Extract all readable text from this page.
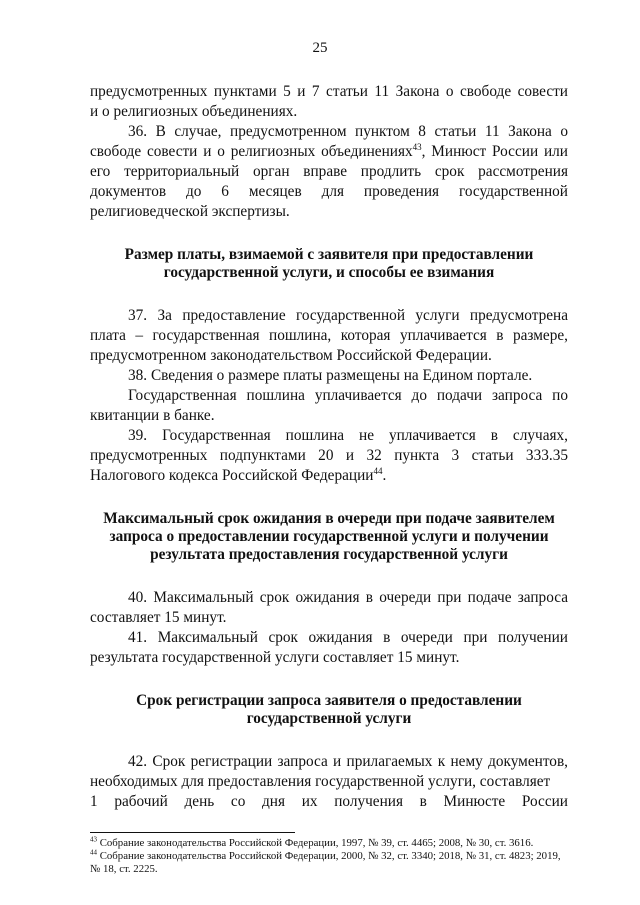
25

предусмотренных пунктами 5 и 7 статьи 11 Закона о свободе совести

и о религиозных объединениях.

36. В случае, предусмотренном пунктом 8 статьи 11 Закона о свободе совести и о религиозных объединениях$^{43}$, Минюст России или его территориальный орган вправе продлить срок рассмотрения документов до 6 месяцев для проведения государственной религиоведческой экспертизы.

Размер платы, взимаемой с заявителя при предоставлении
государственной услуги, и способы ее взимания

37. За предоставление государственной услуги предусмотрена плата – государственная пошлина, которая уплачивается в размере, предусмотренном законодательством Российской Федерации.

38. Сведения о размере платы размещены на Едином портале.

Государственная пошлина уплачивается до подачи запроса по квитанции в банке.

39. Государственная пошлина не уплачивается в случаях, предусмотренных подпунктами 20 и 32 пункта 3 статьи 333.35 Налогового кодекса Российской Федерации$^{44}$.

Максимальный срок ожидания в очереди при подаче заявителем
запроса о предоставлении государственной услуги и получении
результата предоставления государственной услуги

40. Максимальный срок ожидания в очереди при подаче запроса составляет 15 минут.

41. Максимальный срок ожидания в очереди при получении результата государственной услуги составляет 15 минут.

Срок регистрации запроса заявителя о предоставлении
государственной услуги

42. Срок регистрации запроса и прилагаемых к нему документов, необходимых для предоставления государственной услуги, составляет

1 рабочий день со дня их получения в Минюсте России

$^{43}$ Собрание законодательства Российской Федерации, 1997, № 39, ст. 4465; 2008, № 30, ст. 3616.

$^{44}$ Собрание законодательства Российской Федерации, 2000, № 32, ст. 3340; 2018, № 31, ст. 4823; 2019, № 18, ст. 2225.
